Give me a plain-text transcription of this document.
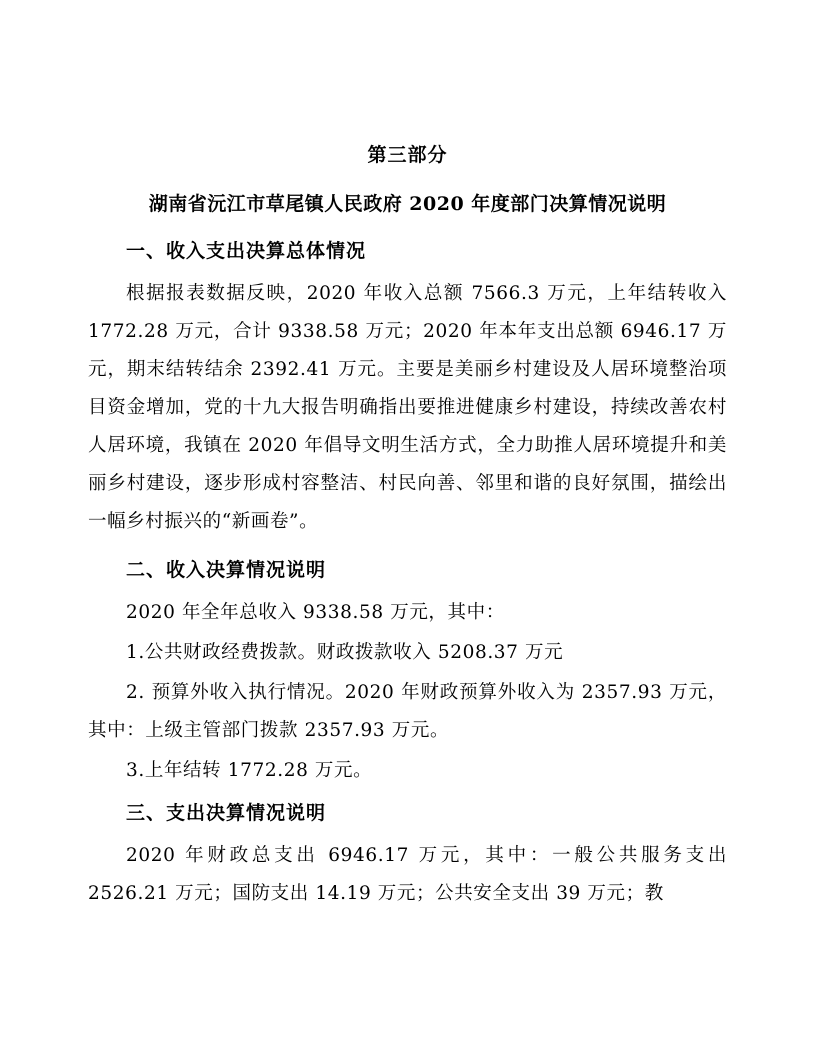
第三部分
湖南省沅江市草尾镇人民政府 2020 年度部门决算情况说明
一、收入支出决算总体情况

根据报表数据反映，2020 年收入总额 7566.3 万元，上年结转收入 1772.28 万元，合计 9338.58 万元；2020 年本年支出总额 6946.17 万元，期末结转结余 2392.41 万元。主要是美丽乡村建设及人居环境整治项目资金增加，党的十九大报告明确指出要推进健康乡村建设，持续改善农村人居环境，我镇在 2020 年倡导文明生活方式，全力助推人居环境提升和美丽乡村建设，逐步形成村容整洁、村民向善、邻里和谐的良好氛围，描绘出一幅乡村振兴的“新画卷”。

二、收入决算情况说明

2020 年全年总收入 9338.58 万元，其中：

1.公共财政经费拨款。财政拨款收入 5208.37 万元

2. 预算外收入执行情况。2020 年财政预算外收入为 2357.93 万元，其中：上级主管部门拨款 2357.93 万元。

3.上年结转 1772.28 万元。

三、支出决算情况说明

2020 年财政总支出 6946.17 万元，其中：一般公共服务支出 2526.21 万元；国防支出 14.19 万元；公共安全支出 39 万元；教
